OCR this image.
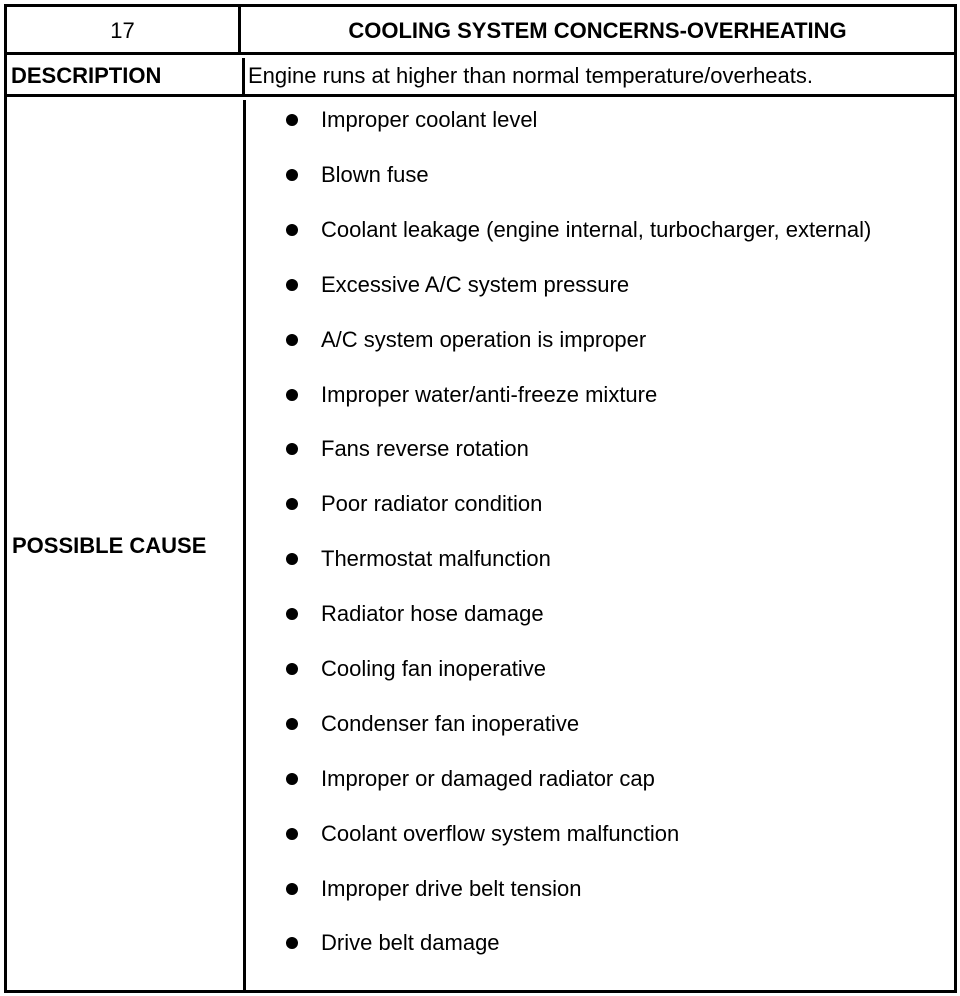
17	COOLING SYSTEM CONCERNS-OVERHEATING
DESCRIPTION	Engine runs at higher than normal temperature/overheats.
POSSIBLE CAUSE
Improper coolant level
Blown fuse
Coolant leakage (engine internal, turbocharger, external)
Excessive A/C system pressure
A/C system operation is improper
Improper water/anti-freeze mixture
Fans reverse rotation
Poor radiator condition
Thermostat malfunction
Radiator hose damage
Cooling fan inoperative
Condenser fan inoperative
Improper or damaged radiator cap
Coolant overflow system malfunction
Improper drive belt tension
Drive belt damage
